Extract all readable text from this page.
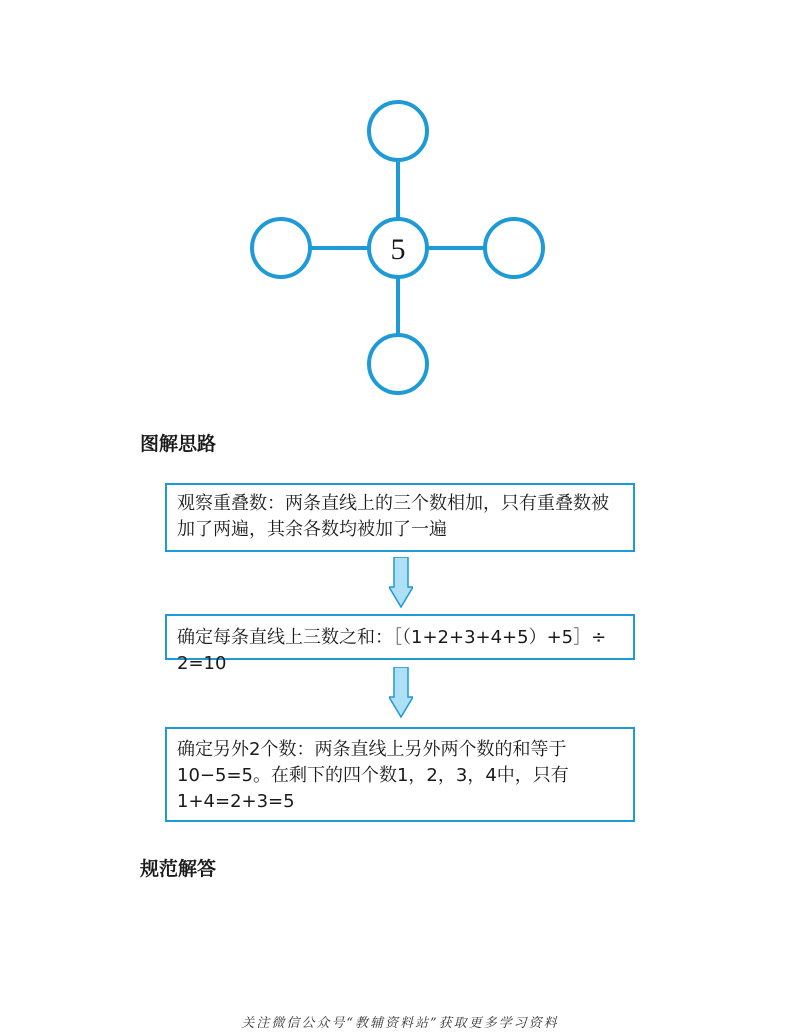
5
图解思路
观察重叠数：两条直线上的三个数相加，只有重叠数被加了两遍，其余各数均被加了一遍
确定每条直线上三数之和：［（1+2+3+4+5）+5］÷ 2=10
确定另外2个数：两条直线上另外两个数的和等于10−5=5。在剩下的四个数1，2，3，4中，只有1+4=2+3=5
规范解答
关注微信公众号“教辅资料站”获取更多学习资料
